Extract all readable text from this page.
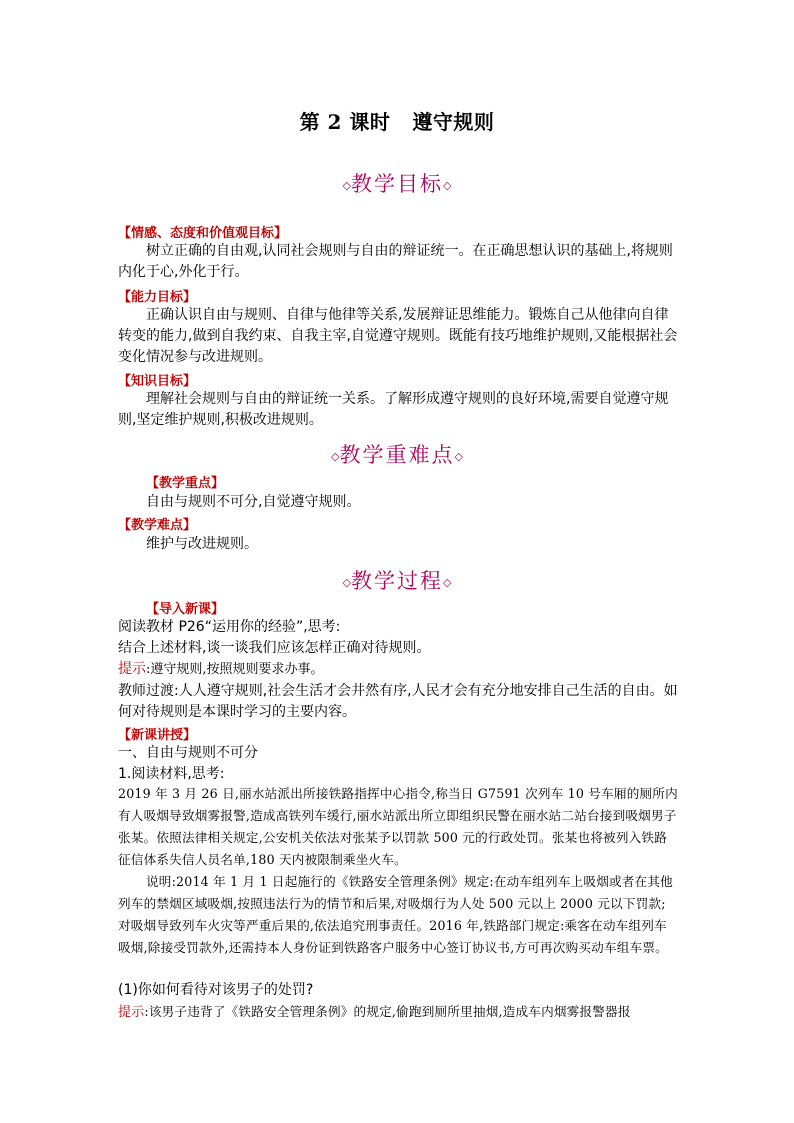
第 2 课时 遵守规则
◇教学目标◇
【情感、态度和价值观目标】
树立正确的自由观,认同社会规则与自由的辩证统一。在正确思想认识的基础上,将规则内化于心,外化于行。
【能力目标】
正确认识自由与规则、自律与他律等关系,发展辩证思维能力。锻炼自己从他律向自律转变的能力,做到自我约束、自我主宰,自觉遵守规则。既能有技巧地维护规则,又能根据社会变化情况参与改进规则。
【知识目标】
理解社会规则与自由的辩证统一关系。了解形成遵守规则的良好环境,需要自觉遵守规则,坚定维护规则,积极改进规则。
◇教学重难点◇
【教学重点】
自由与规则不可分,自觉遵守规则。
【教学难点】
维护与改进规则。
◇教学过程◇
【导入新课】
阅读教材 P26“运用你的经验”,思考:
结合上述材料,谈一谈我们应该怎样正确对待规则。
提示:遵守规则,按照规则要求办事。
教师过渡:人人遵守规则,社会生活才会井然有序,人民才会有充分地安排自己生活的自由。如何对待规则是本课时学习的主要内容。
【新课讲授】
一、自由与规则不可分
1.阅读材料,思考:
2019 年 3 月 26 日,丽水站派出所接铁路指挥中心指令,称当日 G7591 次列车 10 号车厢的厕所内有人吸烟导致烟雾报警,造成高铁列车缓行,丽水站派出所立即组织民警在丽水站二站台接到吸烟男子张某。依照法律相关规定,公安机关依法对张某予以罚款 500 元的行政处罚。张某也将被列入铁路征信体系失信人员名单,180 天内被限制乘坐火车。
说明:2014 年 1 月 1 日起施行的《铁路安全管理条例》规定:在动车组列车上吸烟或者在其他列车的禁烟区域吸烟,按照违法行为的情节和后果,对吸烟行为人处 500 元以上 2000 元以下罚款;对吸烟导致列车火灾等严重后果的,依法追究刑事责任。2016 年,铁路部门规定:乘客在动车组列车吸烟,除接受罚款外,还需持本人身份证到铁路客户服务中心签订协议书,方可再次购买动车组车票。
(1)你如何看待对该男子的处罚?
提示:该男子违背了《铁路安全管理条例》的规定,偷跑到厕所里抽烟,造成车内烟雾报警器报
